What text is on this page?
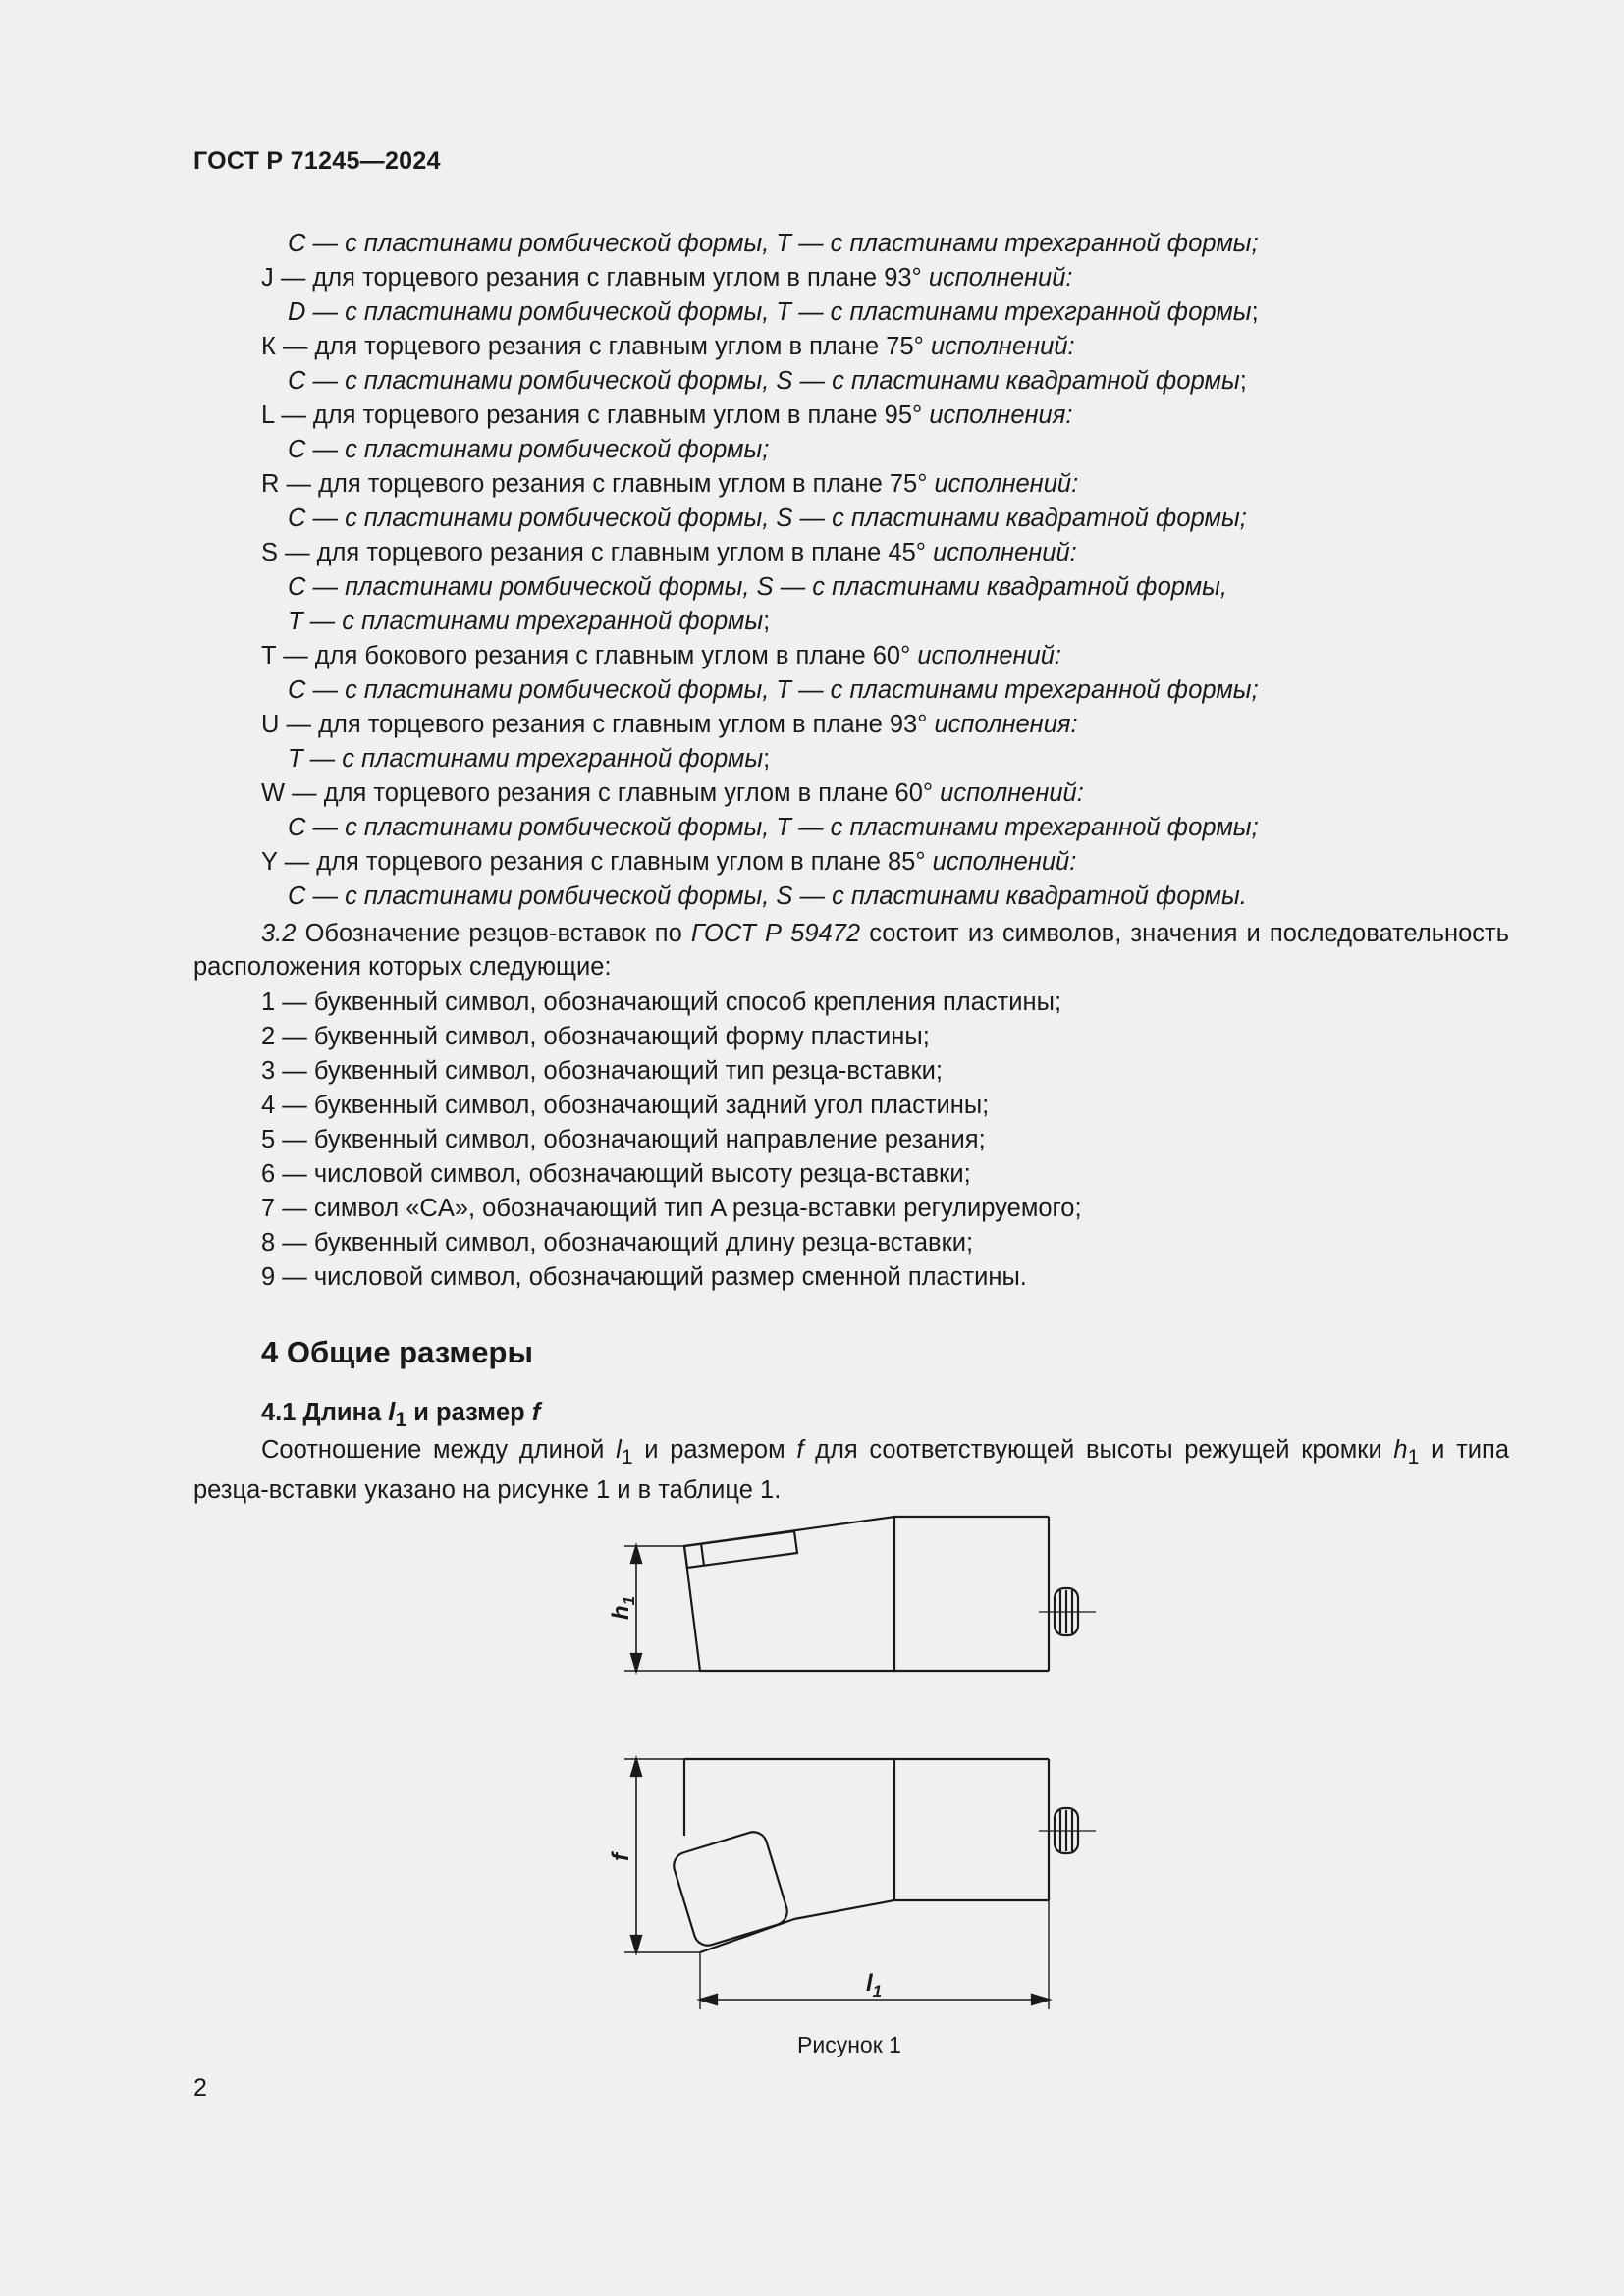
ГОСТ Р 71245—2024
C — с пластинами ромбической формы, T — с пластинами трехгранной формы;
J — для торцевого резания с главным углом в плане 93° исполнений:
D — с пластинами ромбической формы, T — с пластинами трехгранной формы;
К — для торцевого резания с главным углом в плане 75° исполнений:
C — с пластинами ромбической формы, S — с пластинами квадратной формы;
L — для торцевого резания с главным углом в плане 95° исполнения:
C — с пластинами ромбической формы;
R — для торцевого резания с главным углом в плане 75° исполнений:
C — с пластинами ромбической формы, S — с пластинами квадратной формы;
S — для торцевого резания с главным углом в плане 45° исполнений:
C — пластинами ромбической формы, S — с пластинами квадратной формы,
T — с пластинами трехгранной формы;
T — для бокового резания с главным углом в плане 60° исполнений:
C — с пластинами ромбической формы, T — с пластинами трехгранной формы;
U — для торцевого резания с главным углом в плане 93° исполнения:
T — с пластинами трехгранной формы;
W — для торцевого резания с главным углом в плане 60° исполнений:
C — с пластинами ромбической формы, T — с пластинами трехгранной формы;
Y — для торцевого резания с главным углом в плане 85° исполнений:
C — с пластинами ромбической формы, S — с пластинами квадратной формы.
3.2 Обозначение резцов-вставок по ГОСТ Р 59472 состоит из символов, значения и последовательность расположения которых следующие:
1 — буквенный символ, обозначающий способ крепления пластины;
2 — буквенный символ, обозначающий форму пластины;
3 — буквенный символ, обозначающий тип резца-вставки;
4 — буквенный символ, обозначающий задний угол пластины;
5 — буквенный символ, обозначающий направление резания;
6 — числовой символ, обозначающий высоту резца-вставки;
7 — символ «CA», обозначающий тип A резца-вставки регулируемого;
8 — буквенный символ, обозначающий длину резца-вставки;
9 — числовой символ, обозначающий размер сменной пластины.
4 Общие размеры
4.1 Длина $l_1$ и размер f
Соотношение между длиной $l_1$ и размером f для соответствующей высоты режущей кромки $h_1$ и типа резца-вставки указано на рисунке 1 и в таблице 1.
$h_1$
f
$l_1$
Рисунок 1
2
